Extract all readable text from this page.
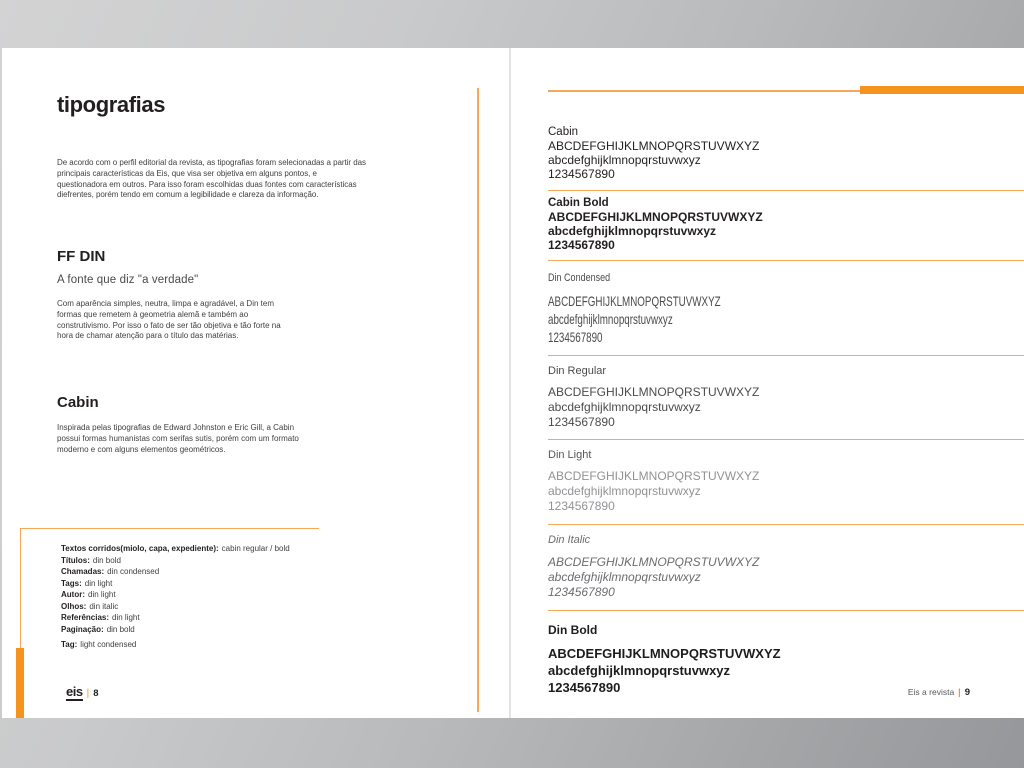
tipografias
De acordo com o perfil editorial da revista, as tipografias foram selecionadas a partir das principais características da Eis, que visa ser objetiva em alguns pontos, e questionadora em outros. Para isso foram escolhidas duas fontes com características diefrentes, porém tendo em comum a legibilidade e clareza da informação.
FF DIN
A fonte que diz "a verdade"
Com aparência simples, neutra, limpa e agradável, a Din tem formas que remetem à geometria alemã e também ao construtivismo. Por isso o fato de ser tão objetiva e tão forte na hora de chamar atenção para o título das matérias.
Cabin
Inspirada pelas tipografias de Edward Johnston e Eric Gill, a Cabin possui formas humanistas com serifas sutis, porém com um formato moderno e com alguns elementos geométricos.
Textos corridos(miolo, capa, expediente): cabin regular / bold
Títulos: din bold
Chamadas: din condensed
Tags: din light
Autor: din light
Olhos: din italic
Referências: din light
Paginação: din bold
Tag: light condensed
eis | 8
Cabin
ABCDEFGHIJKLMNOPQRSTUVWXYZ
abcdefghijklmnopqrstuvwxyz
1234567890
Cabin Bold
ABCDEFGHIJKLMNOPQRSTUVWXYZ
abcdefghijklmnopqrstuvwxyz
1234567890
Din Condensed
ABCDEFGHIJKLMNOPQRSTUVWXYZ
abcdefghijklmnopqrstuvwxyz
1234567890
Din Regular
ABCDEFGHIJKLMNOPQRSTUVWXYZ
abcdefghijklmnopqrstuvwxyz
1234567890
Din Light
ABCDEFGHIJKLMNOPQRSTUVWXYZ
abcdefghijklmnopqrstuvwxyz
1234567890
Din Italic
ABCDEFGHIJKLMNOPQRSTUVWXYZ
abcdefghijklmnopqrstuvwxyz
1234567890
Din Bold
ABCDEFGHIJKLMNOPQRSTUVWXYZ
abcdefghijklmnopqrstuvwxyz
1234567890	Eis a revista | 9
